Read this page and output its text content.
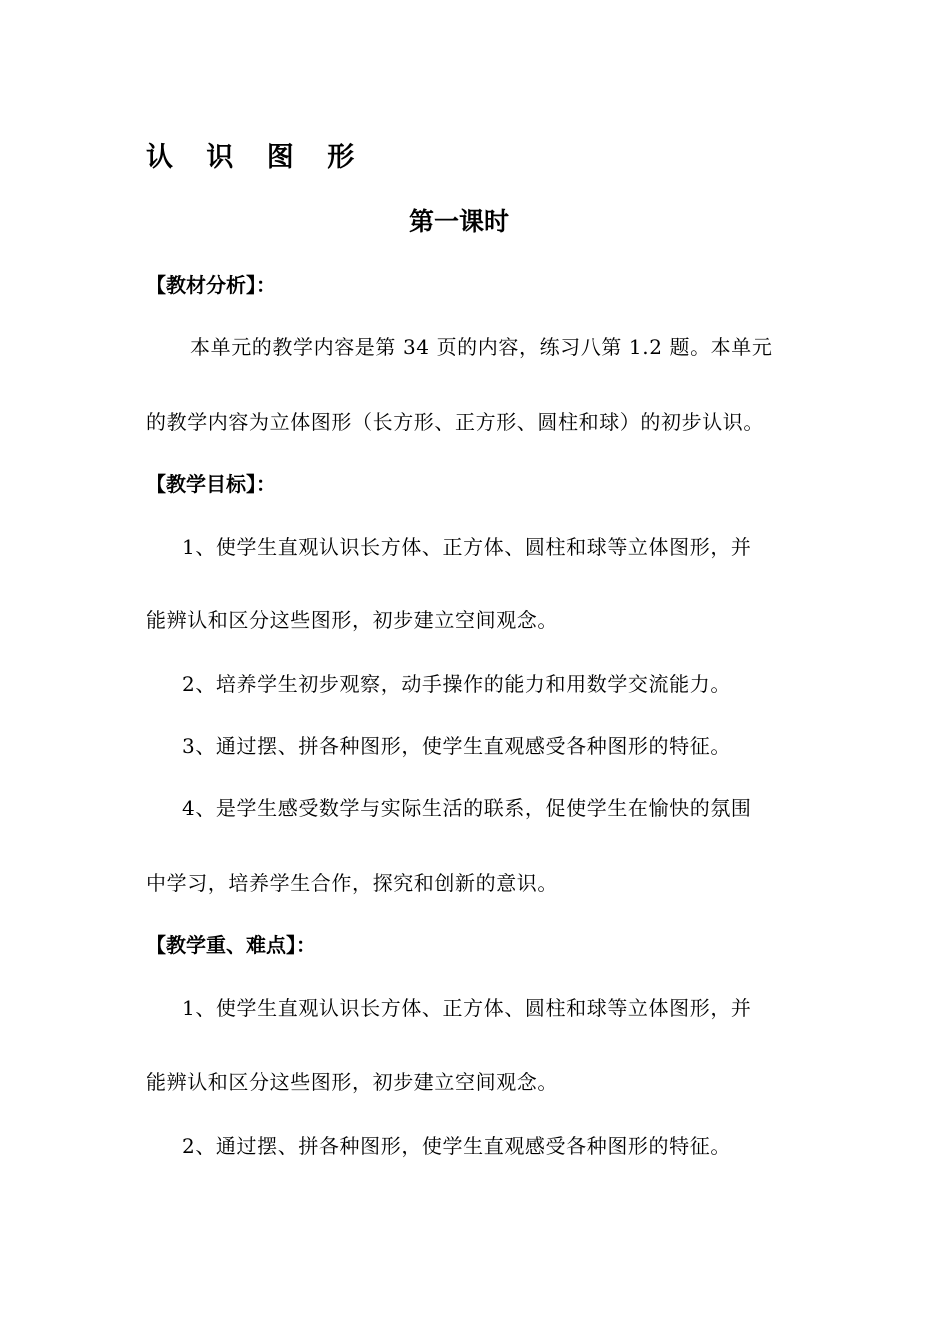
认 识 图 形
第一课时
【教材分析】：
本单元的教学内容是第 34 页的内容，练习八第 1.2 题。本单元
的教学内容为立体图形（长方形、正方形、圆柱和球）的初步认识。
【教学目标】：
1、使学生直观认识长方体、正方体、圆柱和球等立体图形，并
能辨认和区分这些图形，初步建立空间观念。
2、培养学生初步观察，动手操作的能力和用数学交流能力。
3、通过摆、拼各种图形，使学生直观感受各种图形的特征。
4、是学生感受数学与实际生活的联系，促使学生在愉快的氛围
中学习，培养学生合作，探究和创新的意识。
【教学重、难点】：
1、使学生直观认识长方体、正方体、圆柱和球等立体图形，并
能辨认和区分这些图形，初步建立空间观念。
2、通过摆、拼各种图形，使学生直观感受各种图形的特征。
